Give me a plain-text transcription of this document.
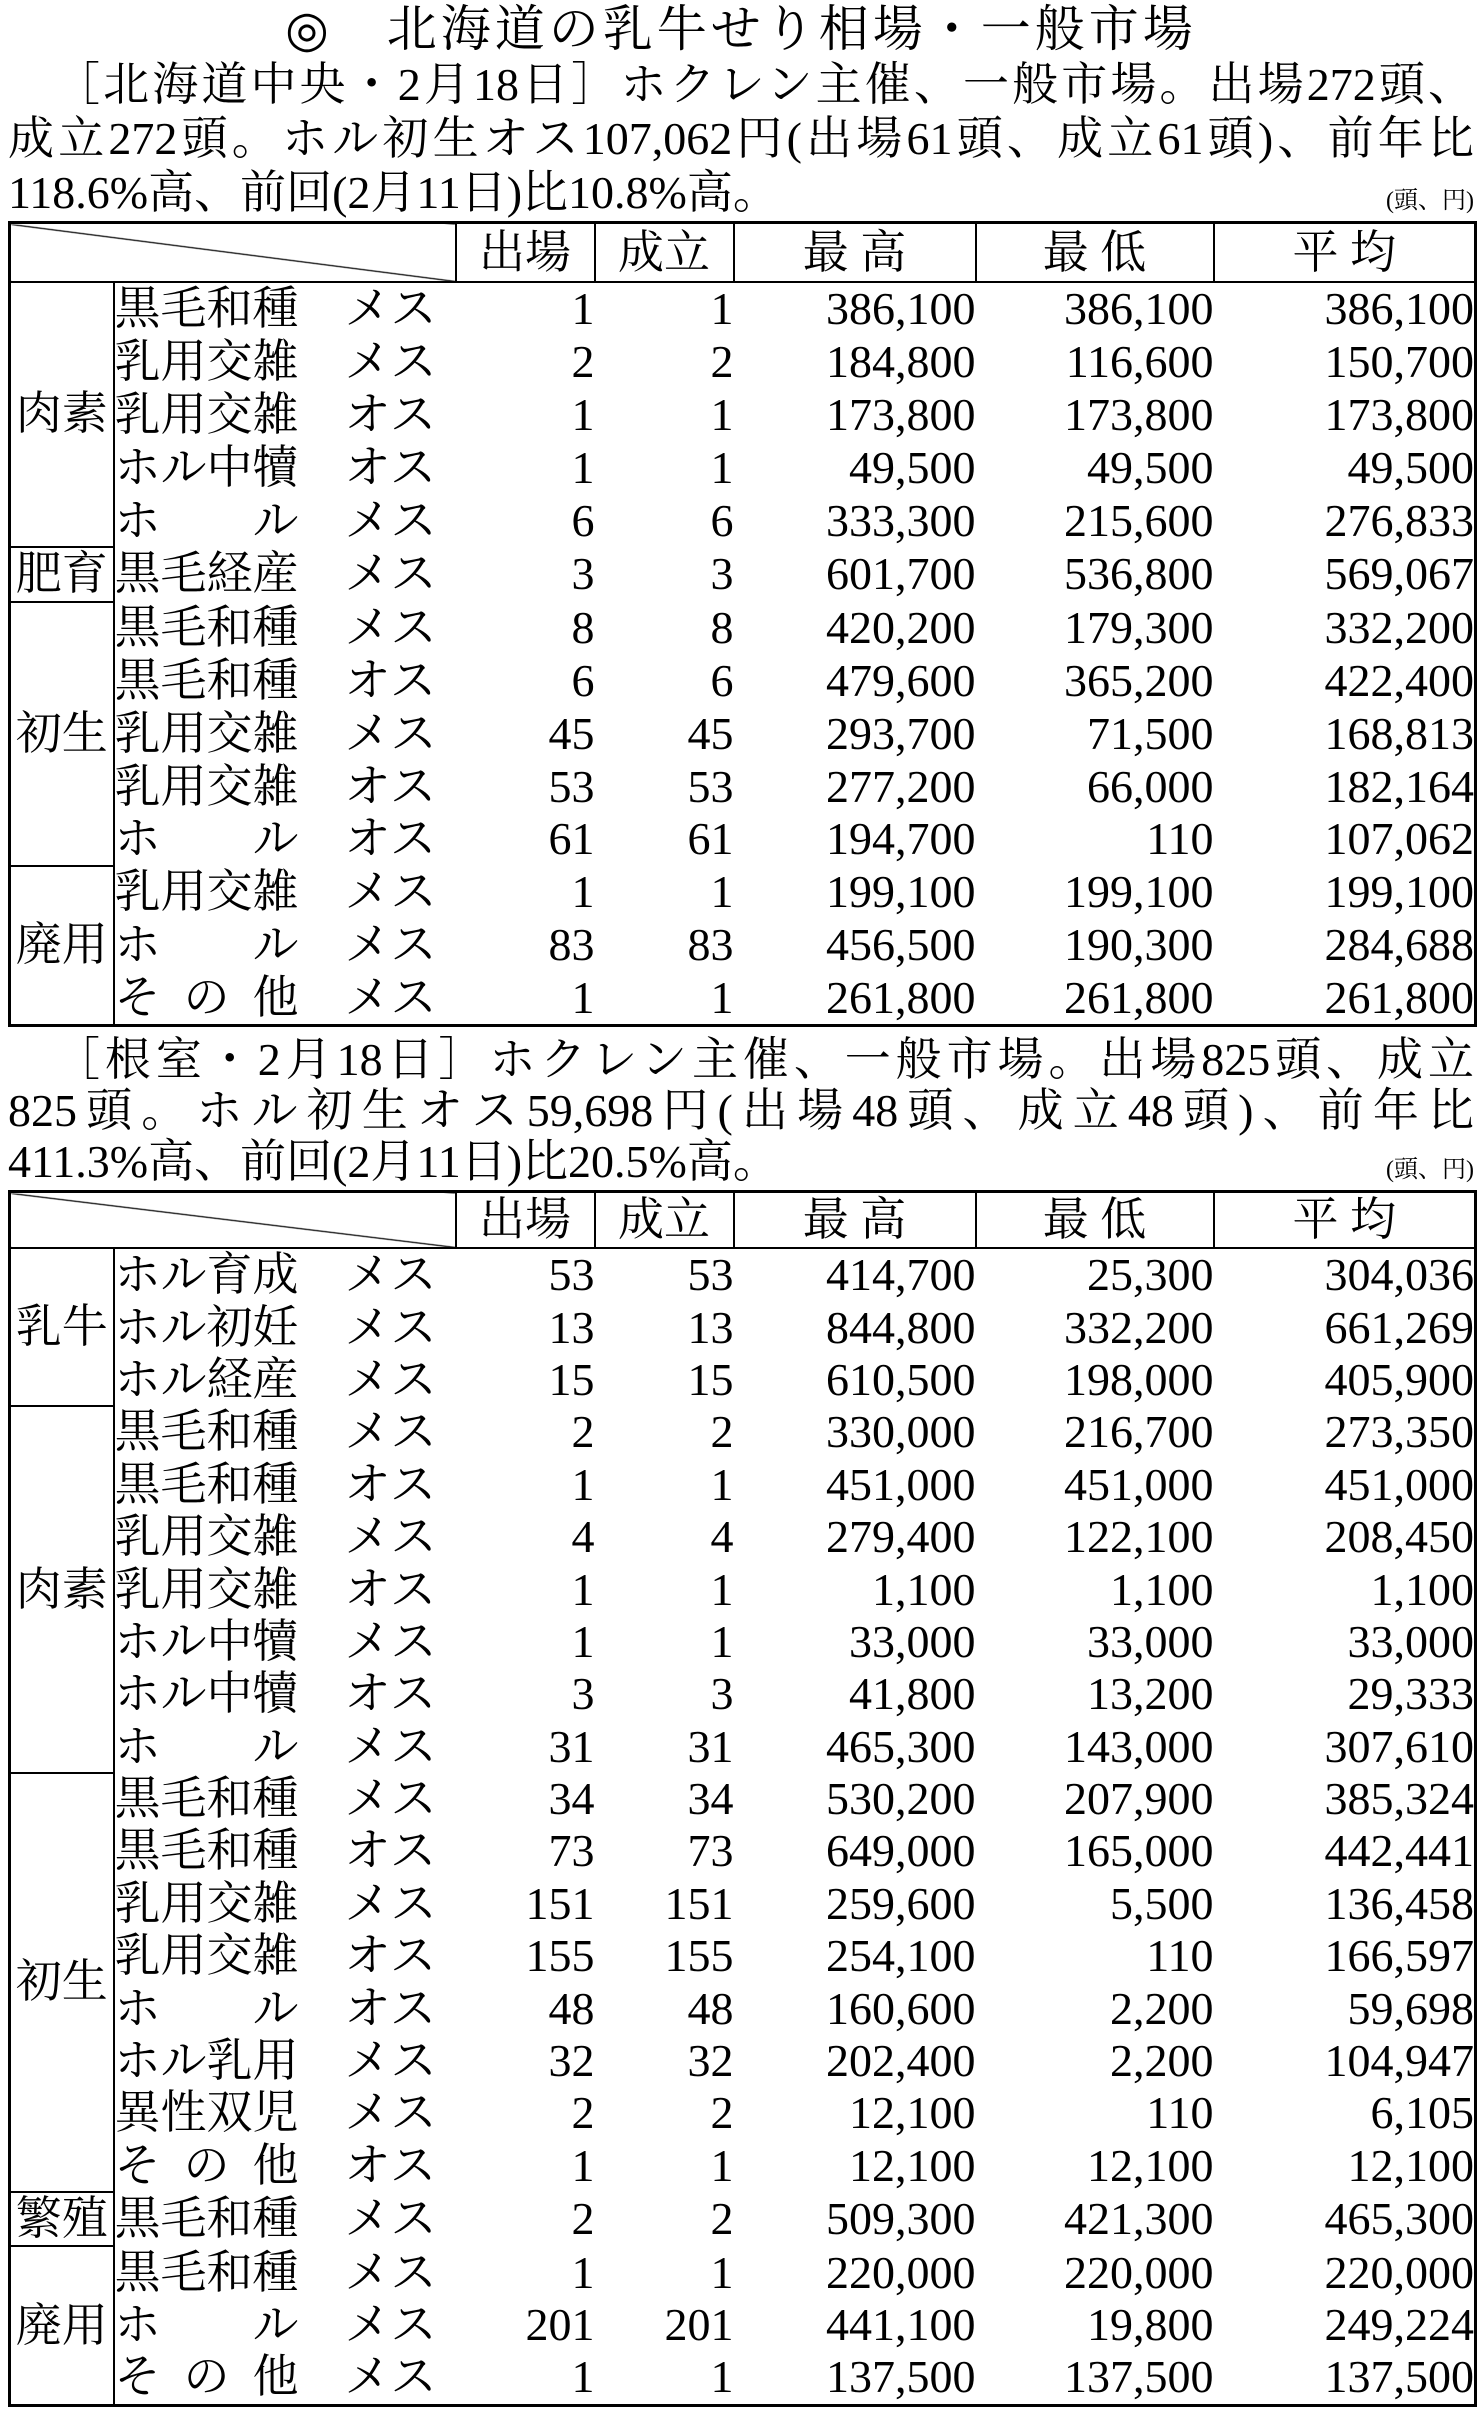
◎　北海道の乳牛せり相場・一般市場
［北海道中央・2月18日］ホクレン主催、一般市場。出場272頭、
成立272頭。ホル初生オス107,062円(出場61頭、成立61頭)、前年比
118.6%高、前回(2月11日)比10.8%高。	(頭、円)
		出場	成立	最 高	最 低	平 均
肉素	黒 毛 和 種 メス	1	1	386,100	386,100	386,100

	乳 用 交 雑 メス	2	2	184,800	116,600	150,700

	乳 用 交 雑 オス	1	1	173,800	173,800	173,800

	ホ ル 中 犢 オス	1	1	49,500	49,500	49,500

	ホ ル メス	6	6	333,300	215,600	276,833
肥育	黒 毛 経 産 メス	3	3	601,700	536,800	569,067
初生	黒 毛 和 種 メス	8	8	420,200	179,300	332,200

	黒 毛 和 種 オス	6	6	479,600	365,200	422,400

	乳 用 交 雑 メス	45	45	293,700	71,500	168,813

	乳 用 交 雑 オス	53	53	277,200	66,000	182,164

	ホ ル オス	61	61	194,700	110	107,062
廃用	乳 用 交 雑 メス	1	1	199,100	199,100	199,100

	ホ ル メス	83	83	456,500	190,300	284,688

	そ の 他 メス	1	1	261,800	261,800	261,800
［根室・2月18日］ホクレン主催、一般市場。出場825頭、成立
825頭。ホル初生オス59,698円(出場48頭、成立48頭)、前年比
411.3%高、前回(2月11日)比20.5%高。	(頭、円)
		出場	成立	最 高	最 低	平 均
乳牛	ホ ル 育 成 メス	53	53	414,700	25,300	304,036

	ホ ル 初 妊 メス	13	13	844,800	332,200	661,269

	ホ ル 経 産 メス	15	15	610,500	198,000	405,900
肉素	黒 毛 和 種 メス	2	2	330,000	216,700	273,350

	黒 毛 和 種 オス	1	1	451,000	451,000	451,000

	乳 用 交 雑 メス	4	4	279,400	122,100	208,450

	乳 用 交 雑 オス	1	1	1,100	1,100	1,100

	ホ ル 中 犢 メス	1	1	33,000	33,000	33,000

	ホ ル 中 犢 オス	3	3	41,800	13,200	29,333

	ホ ル メス	31	31	465,300	143,000	307,610
初生	黒 毛 和 種 メス	34	34	530,200	207,900	385,324

	黒 毛 和 種 オス	73	73	649,000	165,000	442,441

	乳 用 交 雑 メス	151	151	259,600	5,500	136,458

	乳 用 交 雑 オス	155	155	254,100	110	166,597

	ホ ル オス	48	48	160,600	2,200	59,698

	ホ ル 乳 用 メス	32	32	202,400	2,200	104,947

	異 性 双 児 メス	2	2	12,100	110	6,105

	そ の 他 オス	1	1	12,100	12,100	12,100
繁殖	黒 毛 和 種 メス	2	2	509,300	421,300	465,300
廃用	黒 毛 和 種 メス	1	1	220,000	220,000	220,000

	ホ ル メス	201	201	441,100	19,800	249,224

	そ の 他 メス	1	1	137,500	137,500	137,500
